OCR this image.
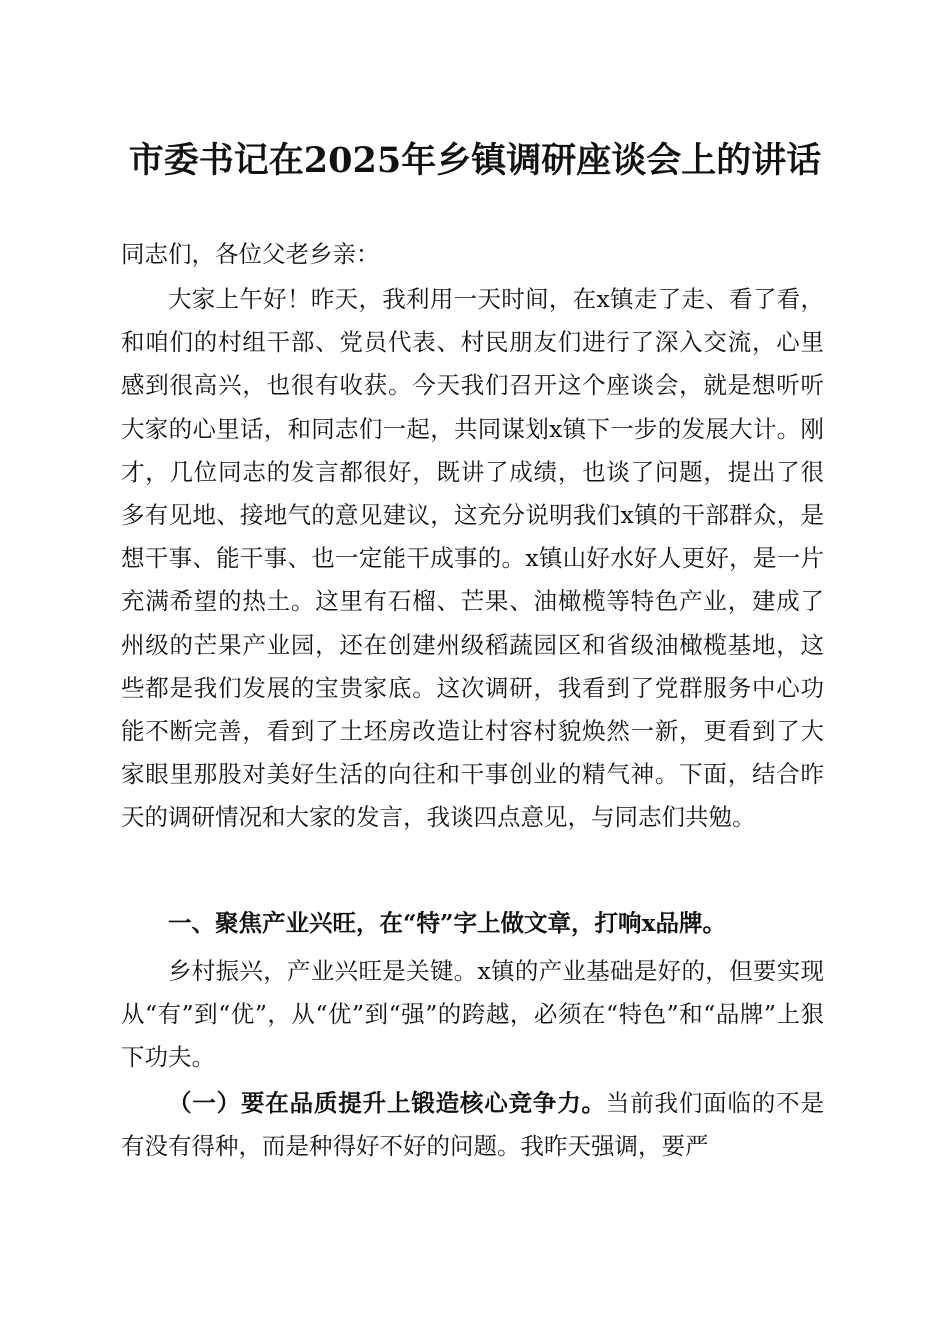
市委书记在2025年乡镇调研座谈会上的讲话
同志们，各位父老乡亲：
大家上午好！昨天，我利用一天时间，在x镇走了走、看了看，和咱们的村组干部、党员代表、村民朋友们进行了深入交流，心里感到很高兴，也很有收获。今天我们召开这个座谈会，就是想听听大家的心里话，和同志们一起，共同谋划x镇下一步的发展大计。刚才，几位同志的发言都很好，既讲了成绩，也谈了问题，提出了很多有见地、接地气的意见建议，这充分说明我们x镇的干部群众，是想干事、能干事、也一定能干成事的。x镇山好水好人更好，是一片充满希望的热土。这里有石榴、芒果、油橄榄等特色产业，建成了州级的芒果产业园，还在创建州级稻蔬园区和省级油橄榄基地，这些都是我们发展的宝贵家底。这次调研，我看到了党群服务中心功能不断完善，看到了土坯房改造让村容村貌焕然一新，更看到了大家眼里那股对美好生活的向往和干事创业的精气神。下面，结合昨天的调研情况和大家的发言，我谈四点意见，与同志们共勉。
一、聚焦产业兴旺，在“特”字上做文章，打响x品牌。
乡村振兴，产业兴旺是关键。x镇的产业基础是好的，但要实现从“有”到“优”，从“优”到“强”的跨越，必须在“特色”和“品牌”上狠下功夫。
（一）要在品质提升上锻造核心竞争力。当前我们面临的不是有没有得种，而是种得好不好的问题。我昨天强调，要严
